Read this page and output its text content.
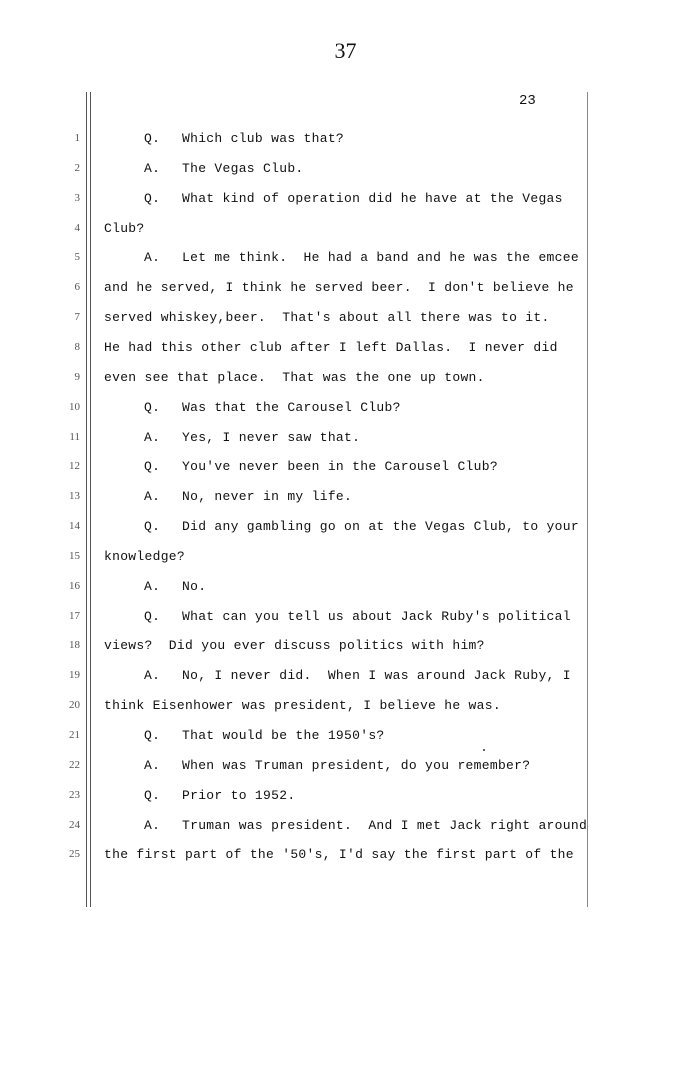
37
23
1
2
3
4
5
6
7
8
9
10
11
12
13
14
15
16
17
18
19
20
21
22
23
24
25
Q. Which club was that?
A. The Vegas Club.
Q. What kind of operation did he have at the Vegas
Club?
A. Let me think.  He had a band and he was the emcee
and he served, I think he served beer.  I don't believe he
served whiskey,beer.  That's about all there was to it.
He had this other club after I left Dallas.  I never did
even see that place.  That was the one up town.
Q. Was that the Carousel Club?
A. Yes, I never saw that.
Q. You've never been in the Carousel Club?
A. No, never in my life.
Q. Did any gambling go on at the Vegas Club, to your
knowledge?
A. No.
Q. What can you tell us about Jack Ruby's political
views?  Did you ever discuss politics with him?
A. No, I never did.  When I was around Jack Ruby, I
think Eisenhower was president, I believe he was.
Q. That would be the 1950's?
A. When was Truman president, do you remember?
Q. Prior to 1952.
A. Truman was president.  And I met Jack right around
the first part of the '50's, I'd say the first part of the
